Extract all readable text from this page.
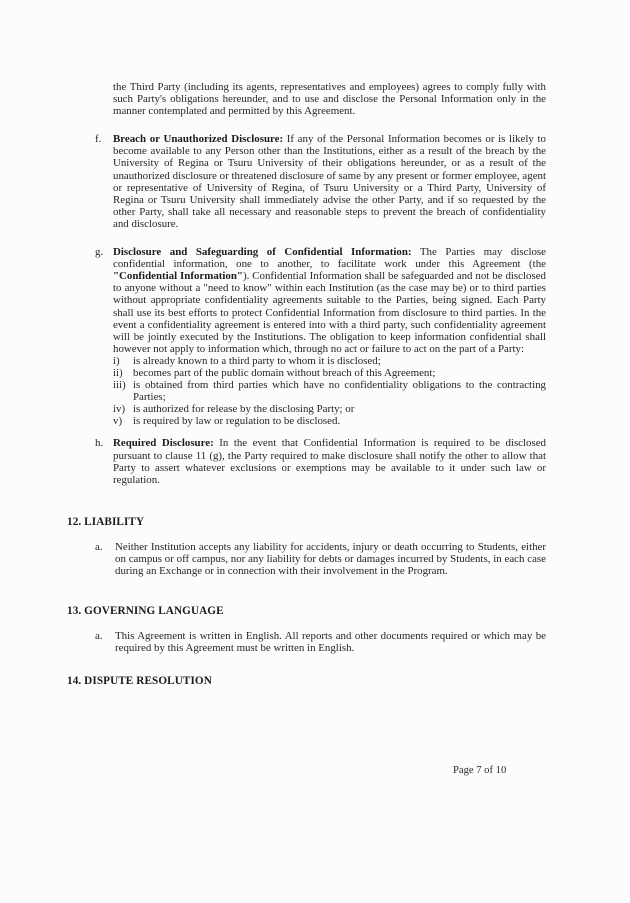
the Third Party (including its agents, representatives and employees) agrees to comply fully with such Party's obligations hereunder, and to use and disclose the Personal Information only in the manner contemplated and permitted by this Agreement.

f.	Breach or Unauthorized Disclosure: If any of the Personal Information becomes or is likely to become available to any Person other than the Institutions, either as a result of the breach by the University of Regina or Tsuru University of their obligations hereunder, or as a result of the unauthorized disclosure or threatened disclosure of same by any present or former employee, agent or representative of University of Regina, of Tsuru University or a Third Party, University of Regina or Tsuru University shall immediately advise the other Party, and if so requested by the other Party, shall take all necessary and reasonable steps to prevent the breach of confidentiality and disclosure.
g. Disclosure and Safeguarding of Confidential Information: The Parties may disclose confidential information, one to another, to facilitate work under this Agreement (the "Confidential Information"). Confidential Information shall be safeguarded and not be disclosed to anyone without a "need to know" within each Institution (as the case may be) or to third parties without appropriate confidentiality agreements suitable to the Parties, being signed. Each Party shall use its best efforts to protect Confidential Information from disclosure to third parties. In the event a confidentiality agreement is entered into with a third party, such confidentiality agreement will be jointly executed by the Institutions. The obligation to keep information confidential shall however not apply to information which, through no act or failure to act on the part of a Party:
i)	is already known to a third party to whom it is disclosed;
ii) becomes part of the public domain without breach of this Agreement;
iii) is obtained from third parties which have no confidentiality obligations to the contracting Parties;
iv) is authorized for release by the disclosing Party; or
v)	is required by law or regulation to be disclosed.
h. Required Disclosure: In the event that Confidential Information is required to be disclosed pursuant to clause 11 (g), the Party required to make disclosure shall notify the other to allow that Party to assert whatever exclusions or exemptions may be available to it under such law or regulation.
12. LIABILITY
a.	Neither Institution accepts any liability for accidents, injury or death occurring to Students, either on campus or off campus, nor any liability for debts or damages incurred by Students, in each case during an Exchange or in connection with their involvement in the Program.
13. GOVERNING LANGUAGE
a.	This Agreement is written in English. All reports and other documents required or which may be required by this Agreement must be written in English.
14. DISPUTE RESOLUTION
Page 7 of 10
